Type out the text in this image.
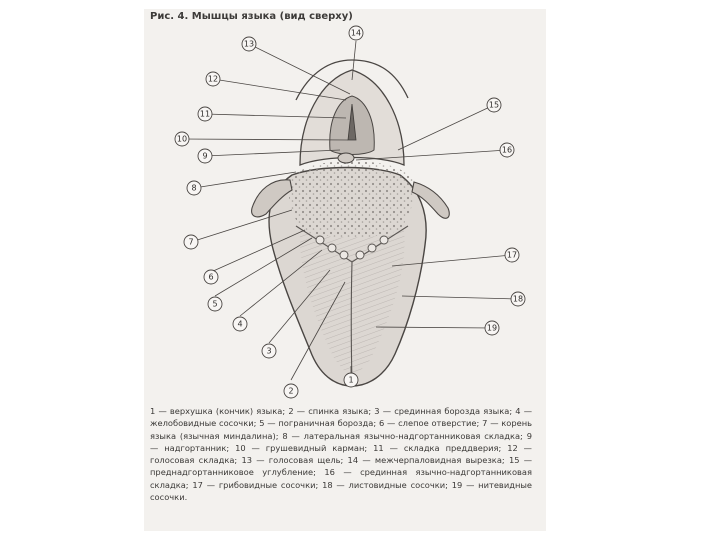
Рис. 4. Мышцы языка (вид сверху)
1
2
3
4
5
6
7
8
9
10
11
12
13
14
15
16
17
18
19
1 — верхушка (кончик) языка; 2 — спинка языка; 3 — срединная борозда языка; 4 — желобовидные сосочки; 5 — пограничная борозда; 6 — слепое отверстие; 7 — корень языка (язычная миндалина); 8 — латеральная язычно-надгортанниковая складка; 9 — надгортанник; 10 — грушевидный карман; 11 — складка преддверия; 12 — голосовая складка; 13 — голосовая щель; 14 — межчерпаловидная вырезка; 15 — преднадгортанниковое углубление; 16 — срединная язычно-надгортанниковая складка; 17 — грибовидные сосочки; 18 — листовидные сосочки; 19 — нитевидные сосочки.
